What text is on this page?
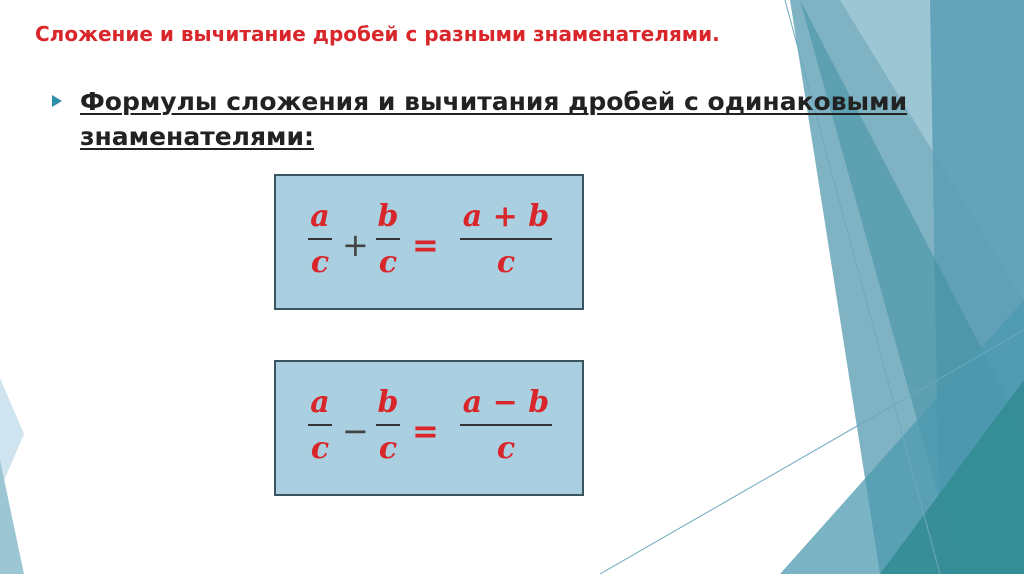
Сложение и вычитание дробей с разными знаменателями.
Формулы сложения и вычитания дробей с одинаковыми знаменателями:
a
c +
b
c =
a + b
c
a
c −
b
c =
a − b
c
